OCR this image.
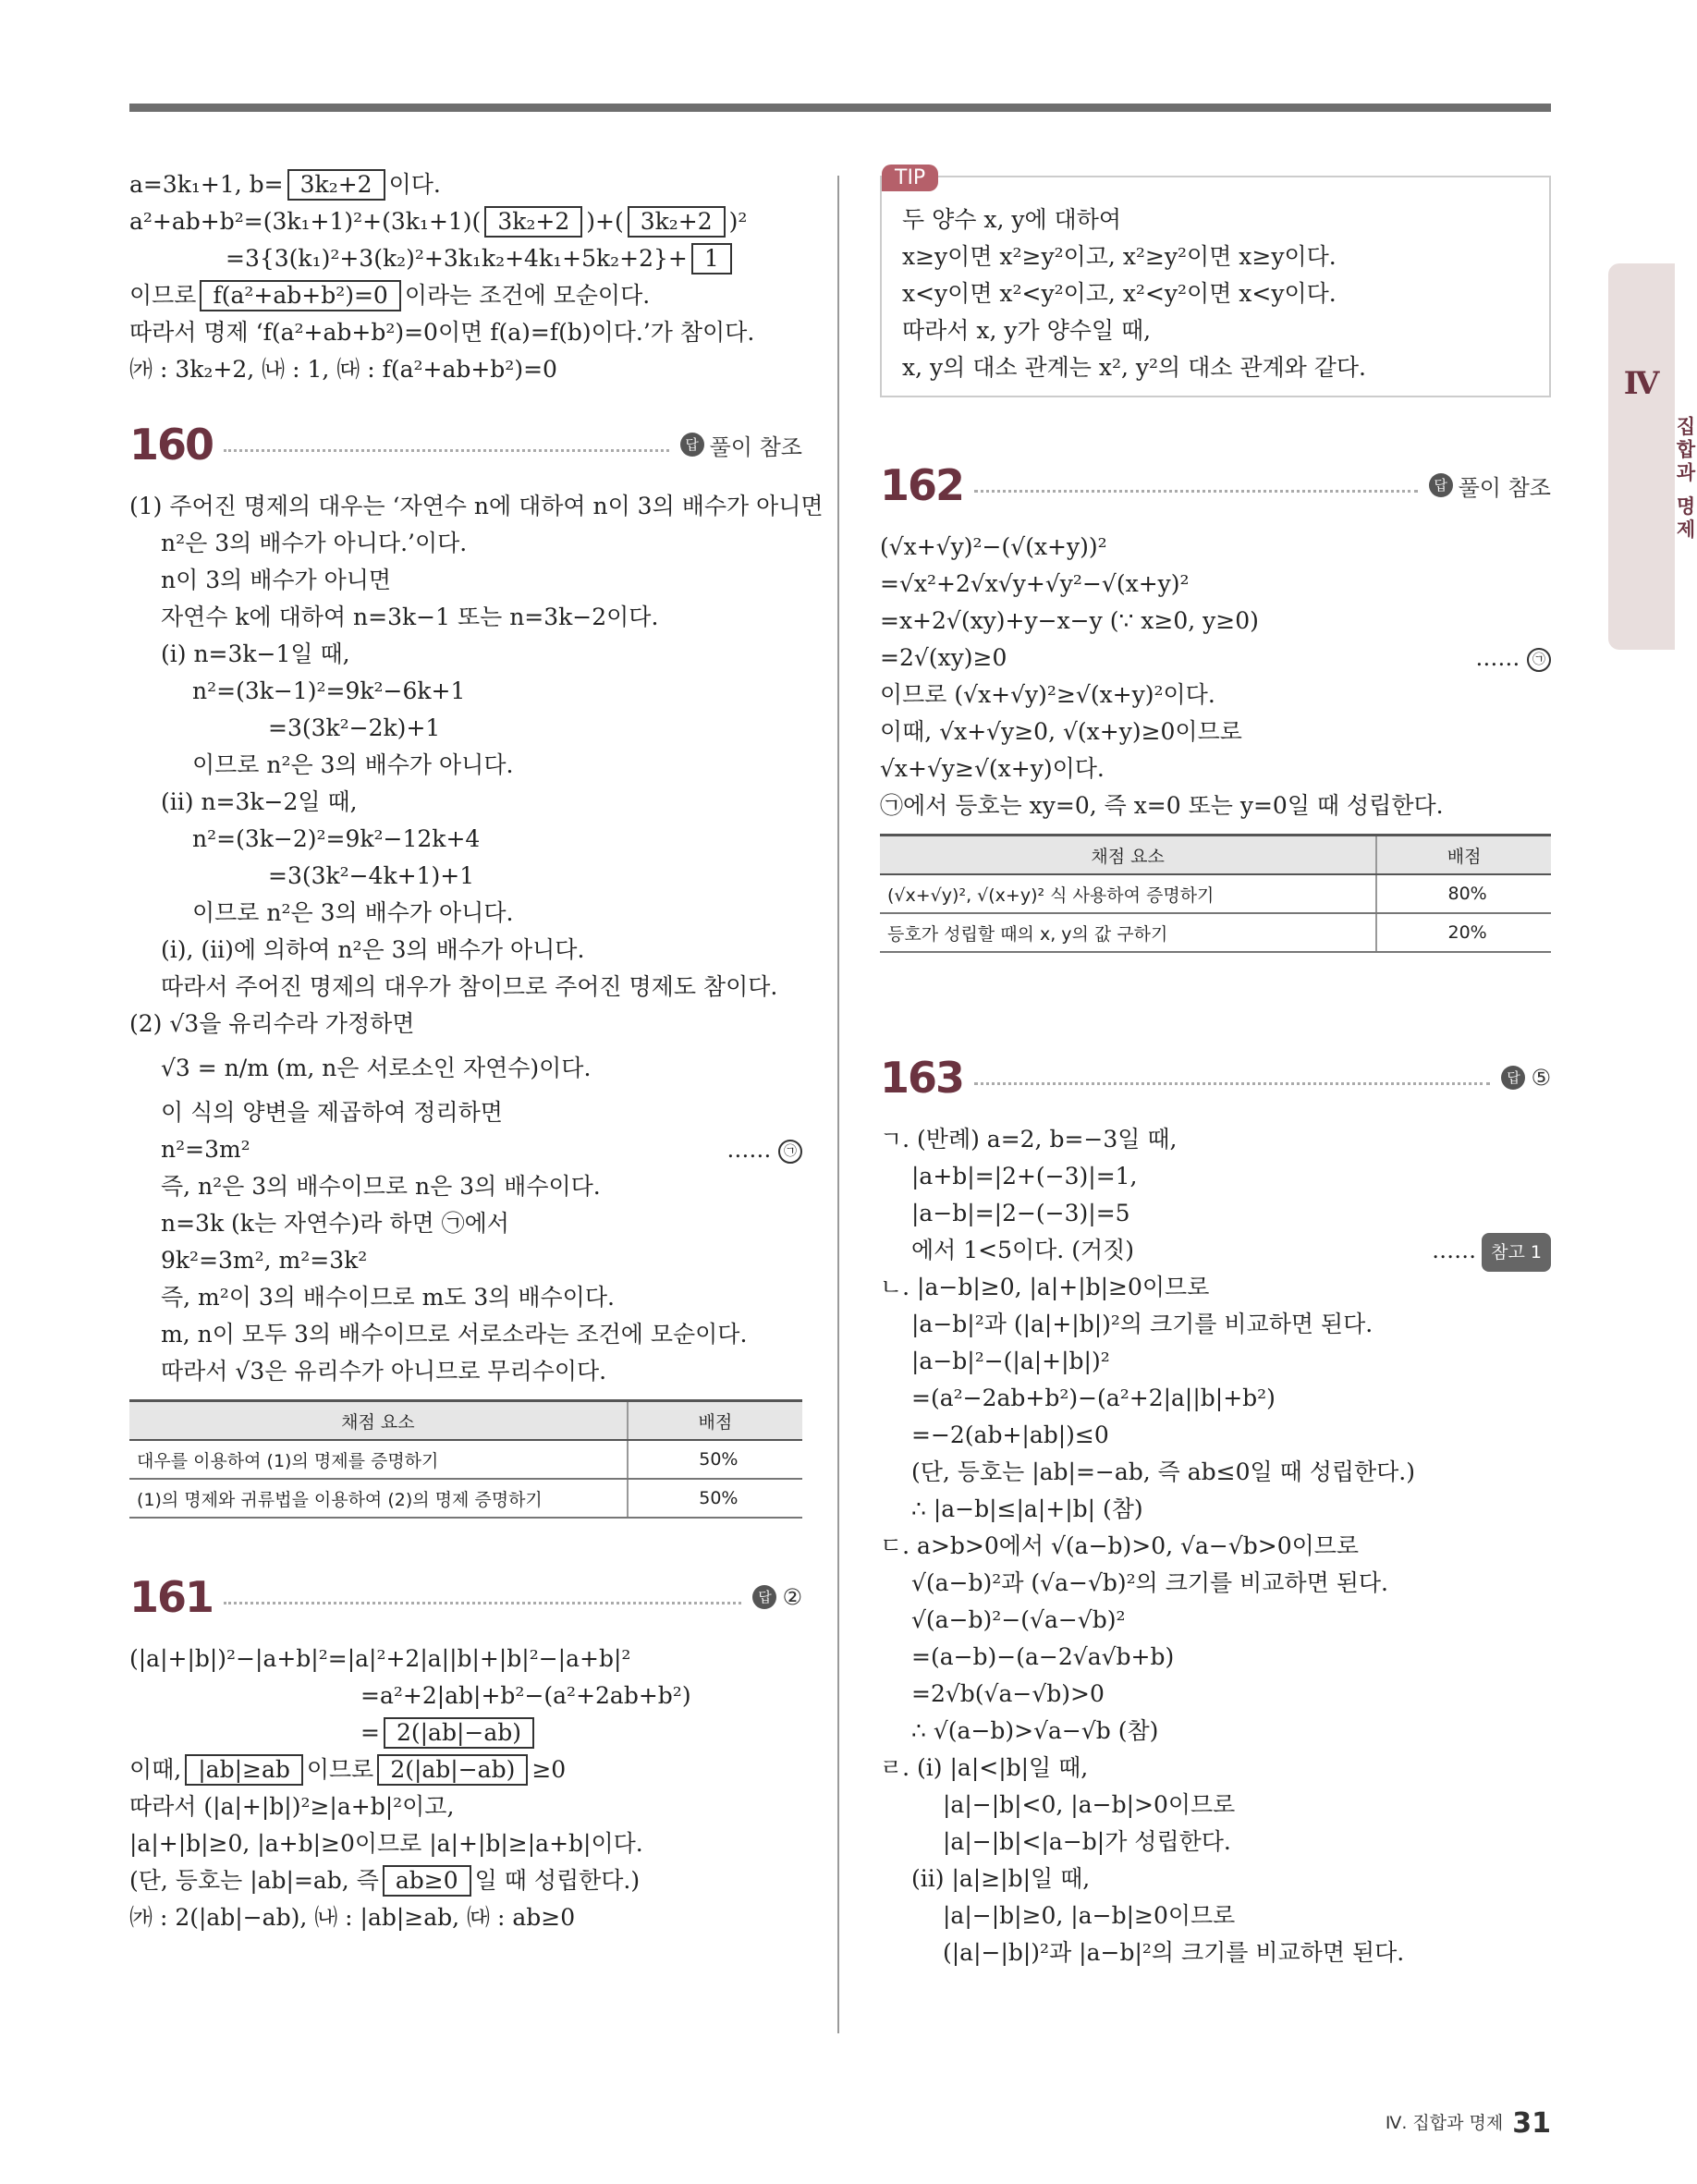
a=3k₁+1, b= 3k₂+2 이다.
a²+ab+b²=(3k₁+1)²+(3k₁+1)( 3k₂+2 )+( 3k₂+2 )²
=3{3(k₁)²+3(k₂)²+3k₁k₂+4k₁+5k₂+2}+ 1
이므로 f(a²+ab+b²)=0 이라는 조건에 모순이다.
따라서 명제 ‘f(a²+ab+b²)=0이면 f(a)=f(b)이다.’가 참이다.
㈎ : 3k₂+2, ㈏ : 1, ㈐ : f(a²+ab+b²)=0
160	답 풀이 참조
(1) 주어진 명제의 대우는 ‘자연수 n에 대하여 n이 3의 배수가 아니면
n²은 3의 배수가 아니다.’이다.
n이 3의 배수가 아니면
자연수 k에 대하여 n=3k−1 또는 n=3k−2이다.
(ⅰ) n=3k−1일 때,
n²=(3k−1)²=9k²−6k+1
=3(3k²−2k)+1
이므로 n²은 3의 배수가 아니다.
(ⅱ) n=3k−2일 때,
n²=(3k−2)²=9k²−12k+4
=3(3k²−4k+1)+1
이므로 n²은 3의 배수가 아니다.
(ⅰ), (ⅱ)에 의하여 n²은 3의 배수가 아니다.
따라서 주어진 명제의 대우가 참이므로 주어진 명제도 참이다.
(2) √3을 유리수라 가정하면
√3 = n/m (m, n은 서로소인 자연수)이다.
이 식의 양변을 제곱하여 정리하면
n²=3m²	…… ㉠
즉, n²은 3의 배수이므로 n은 3의 배수이다.
n=3k (k는 자연수)라 하면 ㉠에서
9k²=3m², m²=3k²
즉, m²이 3의 배수이므로 m도 3의 배수이다.
m, n이 모두 3의 배수이므로 서로소라는 조건에 모순이다.
따라서 √3은 유리수가 아니므로 무리수이다.
채점 요소	배점
대우를 이용하여 (1)의 명제를 증명하기	50%
(1)의 명제와 귀류법을 이용하여 (2)의 명제 증명하기	50%
161	답 ②
(|a|+|b|)²−|a+b|²=|a|²+2|a||b|+|b|²−|a+b|²
=a²+2|ab|+b²−(a²+2ab+b²)
= 2(|ab|−ab)
이때, |ab|≥ab 이므로 2(|ab|−ab) ≥0
따라서 (|a|+|b|)²≥|a+b|²이고,
|a|+|b|≥0, |a+b|≥0이므로 |a|+|b|≥|a+b|이다.
(단, 등호는 |ab|=ab, 즉 ab≥0 일 때 성립한다.)
㈎ : 2(|ab|−ab), ㈏ : |ab|≥ab, ㈐ : ab≥0
TIP
두 양수 x, y에 대하여
x≥y이면 x²≥y²이고, x²≥y²이면 x≥y이다.
x<y이면 x²<y²이고, x²<y²이면 x<y이다.
따라서 x, y가 양수일 때,
x, y의 대소 관계는 x², y²의 대소 관계와 같다.
162	답 풀이 참조
(√x+√y)²−(√(x+y))²
=√x²+2√x√y+√y²−√(x+y)²
=x+2√(xy)+y−x−y (∵ x≥0, y≥0)
=2√(xy)≥0	…… ㉠
이므로 (√x+√y)²≥√(x+y)²이다.
이때, √x+√y≥0, √(x+y)≥0이므로
√x+√y≥√(x+y)이다.
㉠에서 등호는 xy=0, 즉 x=0 또는 y=0일 때 성립한다.
채점 요소	배점
(√x+√y)², √(x+y)² 식 사용하여 증명하기	80%
등호가 성립할 때의 x, y의 값 구하기	20%
163	답 ⑤
ㄱ. (반례) a=2, b=−3일 때,
|a+b|=|2+(−3)|=1,
|a−b|=|2−(−3)|=5
에서 1<5이다. (거짓)	…… 참고 1
ㄴ. |a−b|≥0, |a|+|b|≥0이므로
|a−b|²과 (|a|+|b|)²의 크기를 비교하면 된다.
|a−b|²−(|a|+|b|)²
=(a²−2ab+b²)−(a²+2|a||b|+b²)
=−2(ab+|ab|)≤0
(단, 등호는 |ab|=−ab, 즉 ab≤0일 때 성립한다.)
∴ |a−b|≤|a|+|b| (참)
ㄷ. a>b>0에서 √(a−b)>0, √a−√b>0이므로
√(a−b)²과 (√a−√b)²의 크기를 비교하면 된다.
√(a−b)²−(√a−√b)²
=(a−b)−(a−2√a√b+b)
=2√b(√a−√b)>0
∴ √(a−b)>√a−√b (참)
ㄹ. (ⅰ) |a|<|b|일 때,
|a|−|b|<0, |a−b|>0이므로
|a|−|b|<|a−b|가 성립한다.
(ⅱ) |a|≥|b|일 때,
|a|−|b|≥0, |a−b|≥0이므로
(|a|−|b|)²과 |a−b|²의 크기를 비교하면 된다.
Ⅳ
집합과 명제
Ⅳ. 집합과 명제 31
